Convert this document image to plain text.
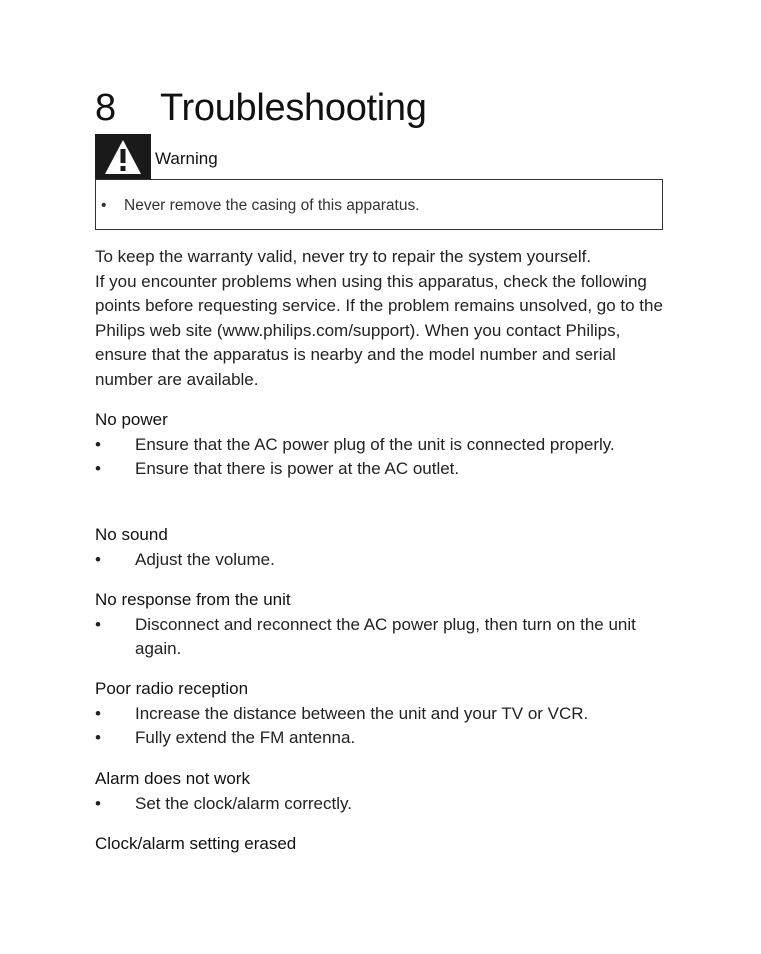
8 Troubleshooting
Warning
• Never remove the casing of this apparatus.

To keep the warranty valid, never try to repair the system yourself.

If you encounter problems when using this apparatus, check the following points before requesting service. If the problem remains unsolved, go to the Philips web site (www.philips.com/support). When you contact Philips, ensure that the apparatus is nearby and the model number and serial number are available.

No power
• Ensure that the AC power plug of the unit is connected properly.
• Ensure that there is power at the AC outlet.
No sound
• Adjust the volume.
No response from the unit
• Disconnect and reconnect the AC power plug, then turn on the unit again.
Poor radio reception
• Increase the distance between the unit and your TV or VCR.
• Fully extend the FM antenna.
Alarm does not work
• Set the clock/alarm correctly.
Clock/alarm setting erased
